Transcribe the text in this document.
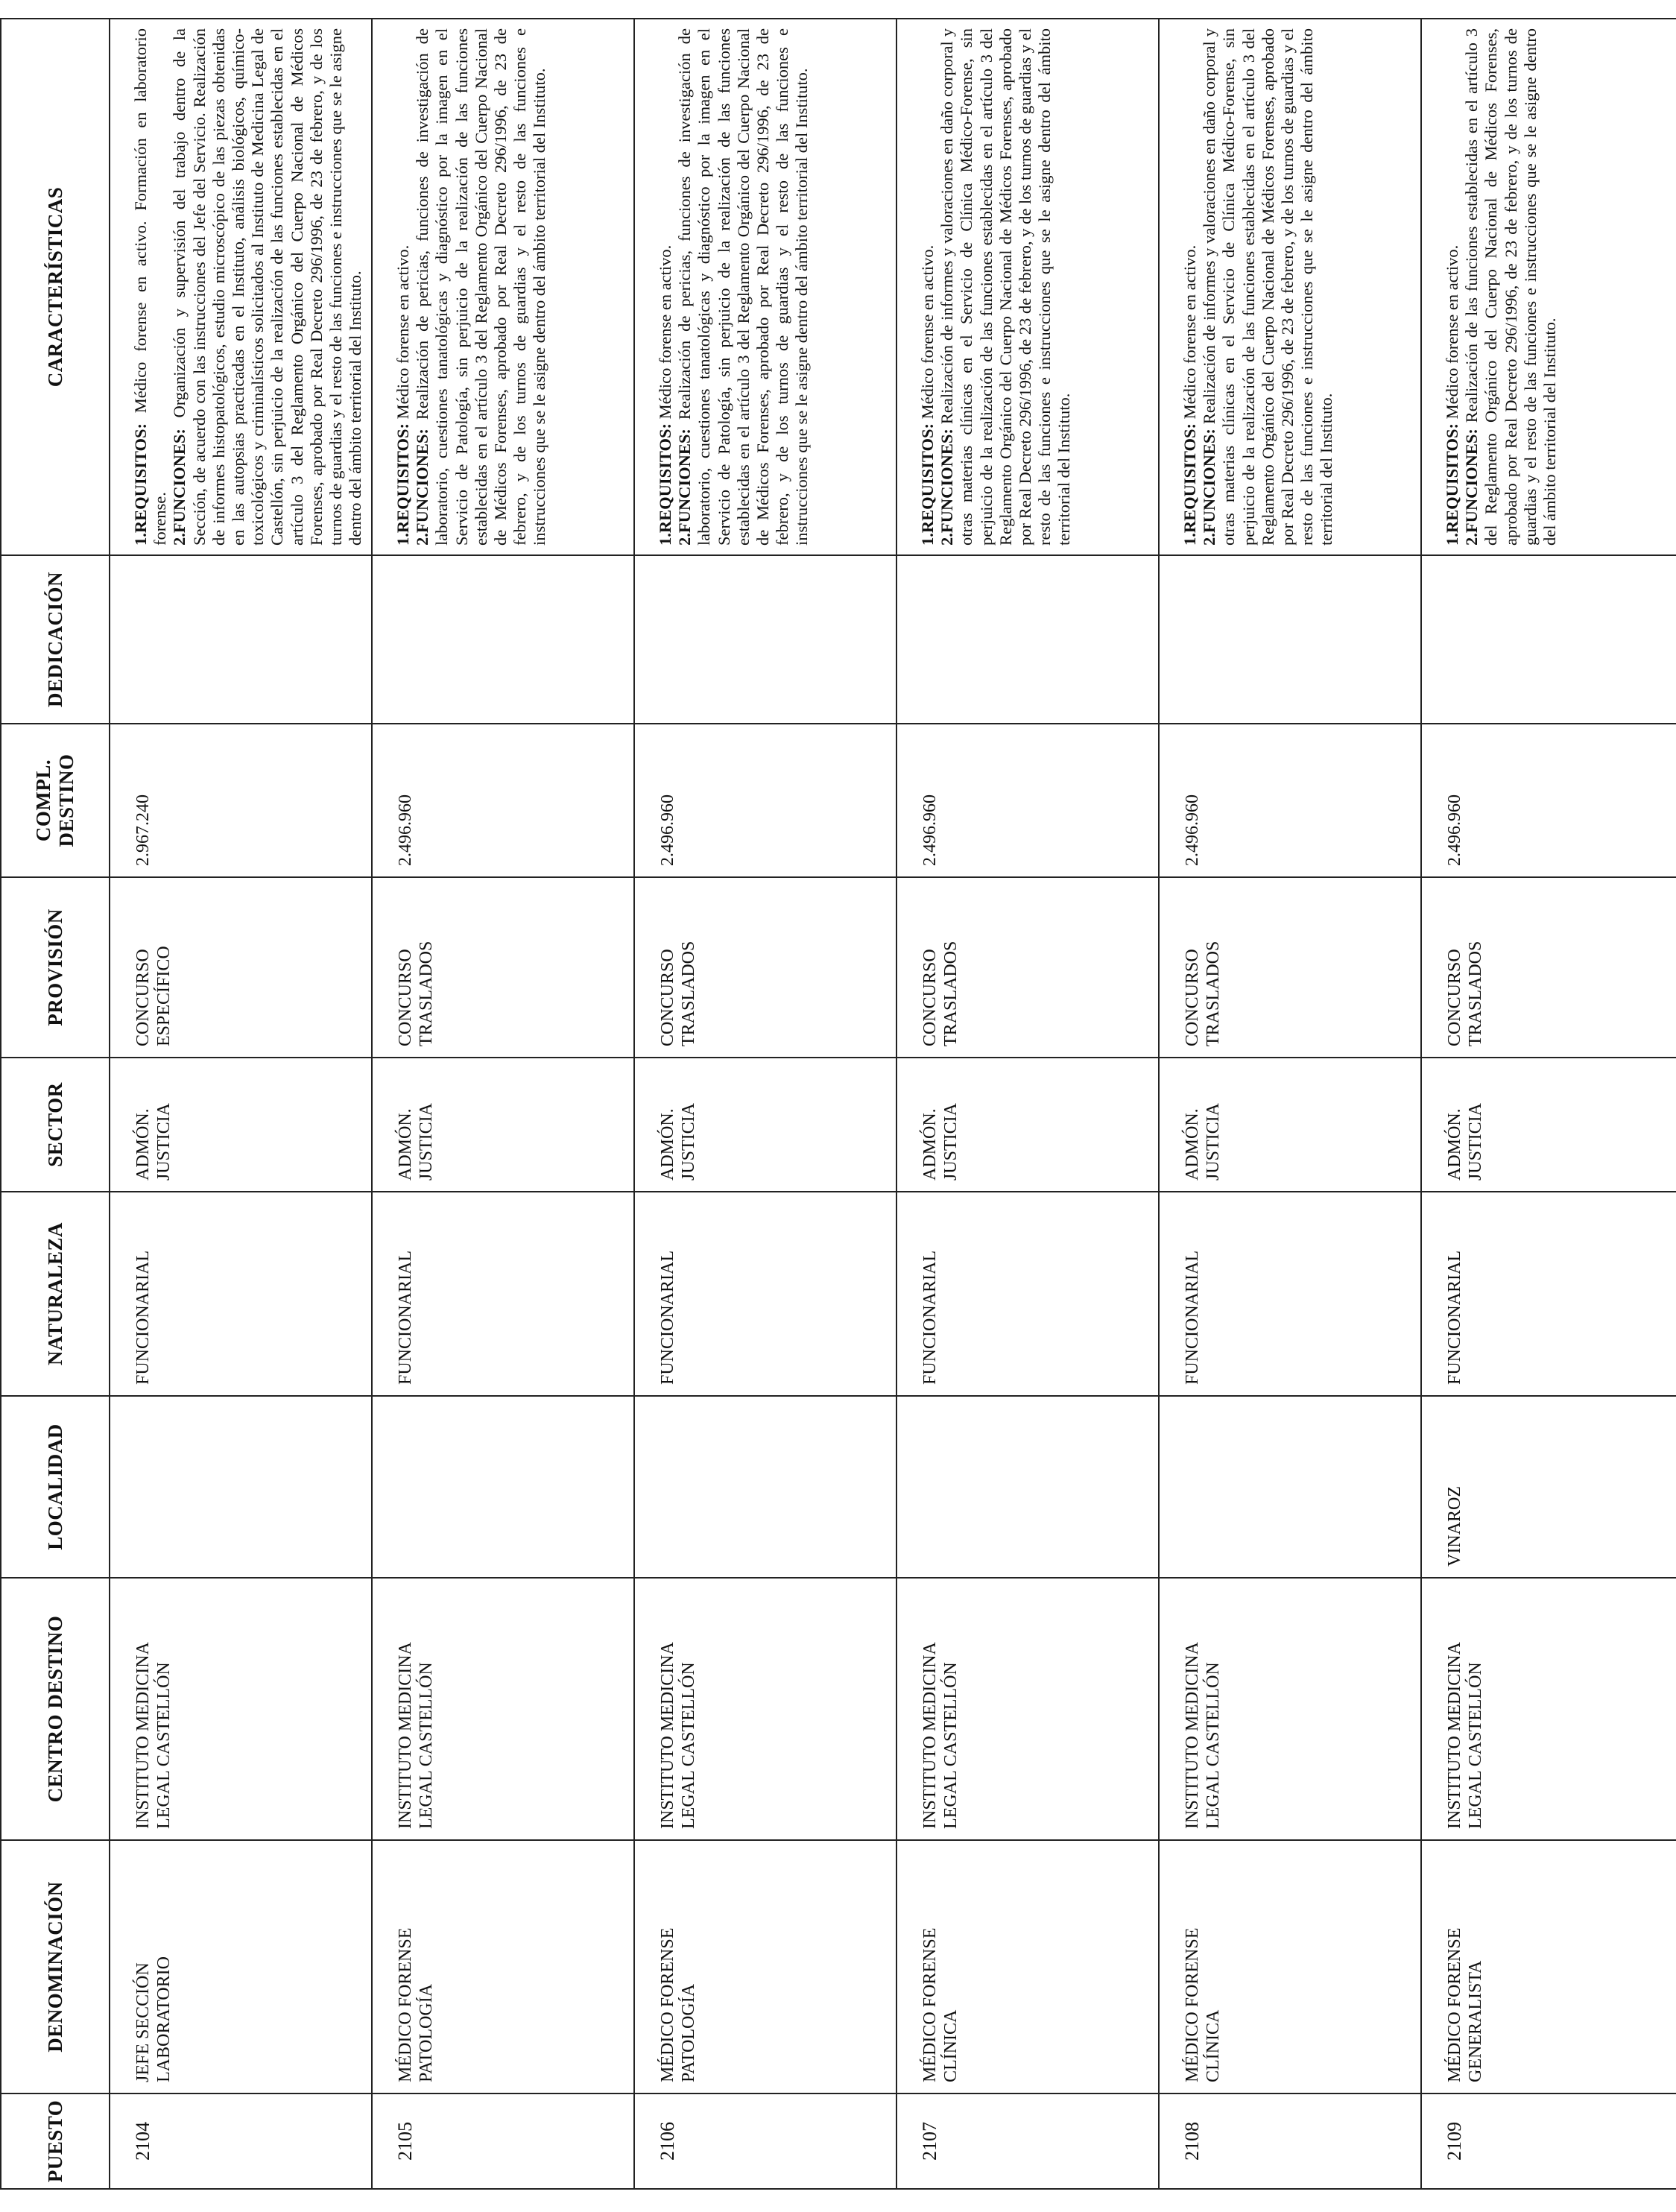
PUESTO	DENOMINACIÓN	CENTRO DESTINO	LOCALIDAD	NATURALEZA	SECTOR	PROVISIÓN	COMPL. DESTINO	DEDICACIÓN	CARACTERÍSTICAS
2104	JEFE SECCIÓN LABORATORIO	INSTITUTO MEDICINA LEGAL CASTELLÓN		FUNCIONARIAL	ADMÓN. JUSTICIA	CONCURSO ESPECÍFICO	2.967.240		1.REQUISITOS: Médico forense en activo. Formación en laboratorio forense.
2.FUNCIONES: Organización y supervisión del trabajo dentro de la Sección, de acuerdo con las instrucciones del Jefe del Servicio. Realización de informes histopatológicos, estudio microscópico de las piezas obtenidas en las autopsias practicadas en el Instituto, análisis biológicos, químico-toxicológicos y criminalísticos solicitados al Instituto de Medicina Legal de Castellón, sin perjuicio de la realización de las funciones establecidas en el artículo 3 del Reglamento Orgánico del Cuerpo Nacional de Médicos Forenses, aprobado por Real Decreto 296/1996, de 23 de febrero, y de los turnos de guardias y el resto de las funciones e instrucciones que se le asigne dentro del ámbito territorial del Instituto.
2105	MÉDICO FORENSE PATOLOGÍA	INSTITUTO MEDICINA LEGAL CASTELLÓN		FUNCIONARIAL	ADMÓN. JUSTICIA	CONCURSO TRASLADOS	2.496.960		1.REQUISITOS: Médico forense en activo.
2.FUNCIONES: Realización de pericias, funciones de investigación de laboratorio, cuestiones tanatológicas y diagnóstico por la imagen en el Servicio de Patología, sin perjuicio de la realización de las funciones establecidas en el artículo 3 del Reglamento Orgánico del Cuerpo Nacional de Médicos Forenses, aprobado por Real Decreto 296/1996, de 23 de febrero, y de los turnos de guardias y el resto de las funciones e instrucciones que se le asigne dentro del ámbito territorial del Instituto.
2106	MÉDICO FORENSE PATOLOGÍA	INSTITUTO MEDICINA LEGAL CASTELLÓN		FUNCIONARIAL	ADMÓN. JUSTICIA	CONCURSO TRASLADOS	2.496.960		1.REQUISITOS: Médico forense en activo.
2.FUNCIONES: Realización de pericias, funciones de investigación de laboratorio, cuestiones tanatológicas y diagnóstico por la imagen en el Servicio de Patología, sin perjuicio de la realización de las funciones establecidas en el artículo 3 del Reglamento Orgánico del Cuerpo Nacional de Médicos Forenses, aprobado por Real Decreto 296/1996, de 23 de febrero, y de los turnos de guardias y el resto de las funciones e instrucciones que se le asigne dentro del ámbito territorial del Instituto.
2107	MÉDICO FORENSE CLÍNICA	INSTITUTO MEDICINA LEGAL CASTELLÓN		FUNCIONARIAL	ADMÓN. JUSTICIA	CONCURSO TRASLADOS	2.496.960		1.REQUISITOS: Médico forense en activo.
2.FUNCIONES: Realización de informes y valoraciones en daño corporal y otras materias clínicas en el Servicio de Clínica Médico-Forense, sin perjuicio de la realización de las funciones establecidas en el artículo 3 del Reglamento Orgánico del Cuerpo Nacional de Médicos Forenses, aprobado por Real Decreto 296/1996, de 23 de febrero, y de los turnos de guardias y el resto de las funciones e instrucciones que se le asigne dentro del ámbito territorial del Instituto.
2108	MÉDICO FORENSE CLÍNICA	INSTITUTO MEDICINA LEGAL CASTELLÓN		FUNCIONARIAL	ADMÓN. JUSTICIA	CONCURSO TRASLADOS	2.496.960		1.REQUISITOS: Médico forense en activo.
2.FUNCIONES: Realización de informes y valoraciones en daño corporal y otras materias clínicas en el Servicio de Clínica Médico-Forense, sin perjuicio de la realización de las funciones establecidas en el artículo 3 del Reglamento Orgánico del Cuerpo Nacional de Médicos Forenses, aprobado por Real Decreto 296/1996, de 23 de febrero, y de los turnos de guardias y el resto de las funciones e instrucciones que se le asigne dentro del ámbito territorial del Instituto.
2109	MÉDICO FORENSE GENERALISTA	INSTITUTO MEDICINA LEGAL CASTELLÓN	VINAROZ	FUNCIONARIAL	ADMÓN. JUSTICIA	CONCURSO TRASLADOS	2.496.960		1.REQUISITOS: Médico forense en activo.
2.FUNCIONES: Realización de las funciones establecidas en el artículo 3 del Reglamento Orgánico del Cuerpo Nacional de Médicos Forenses, aprobado por Real Decreto 296/1996, de 23 de febrero, y de los turnos de guardias y el resto de las funciones e instrucciones que se le asigne dentro del ámbito territorial del Instituto.
